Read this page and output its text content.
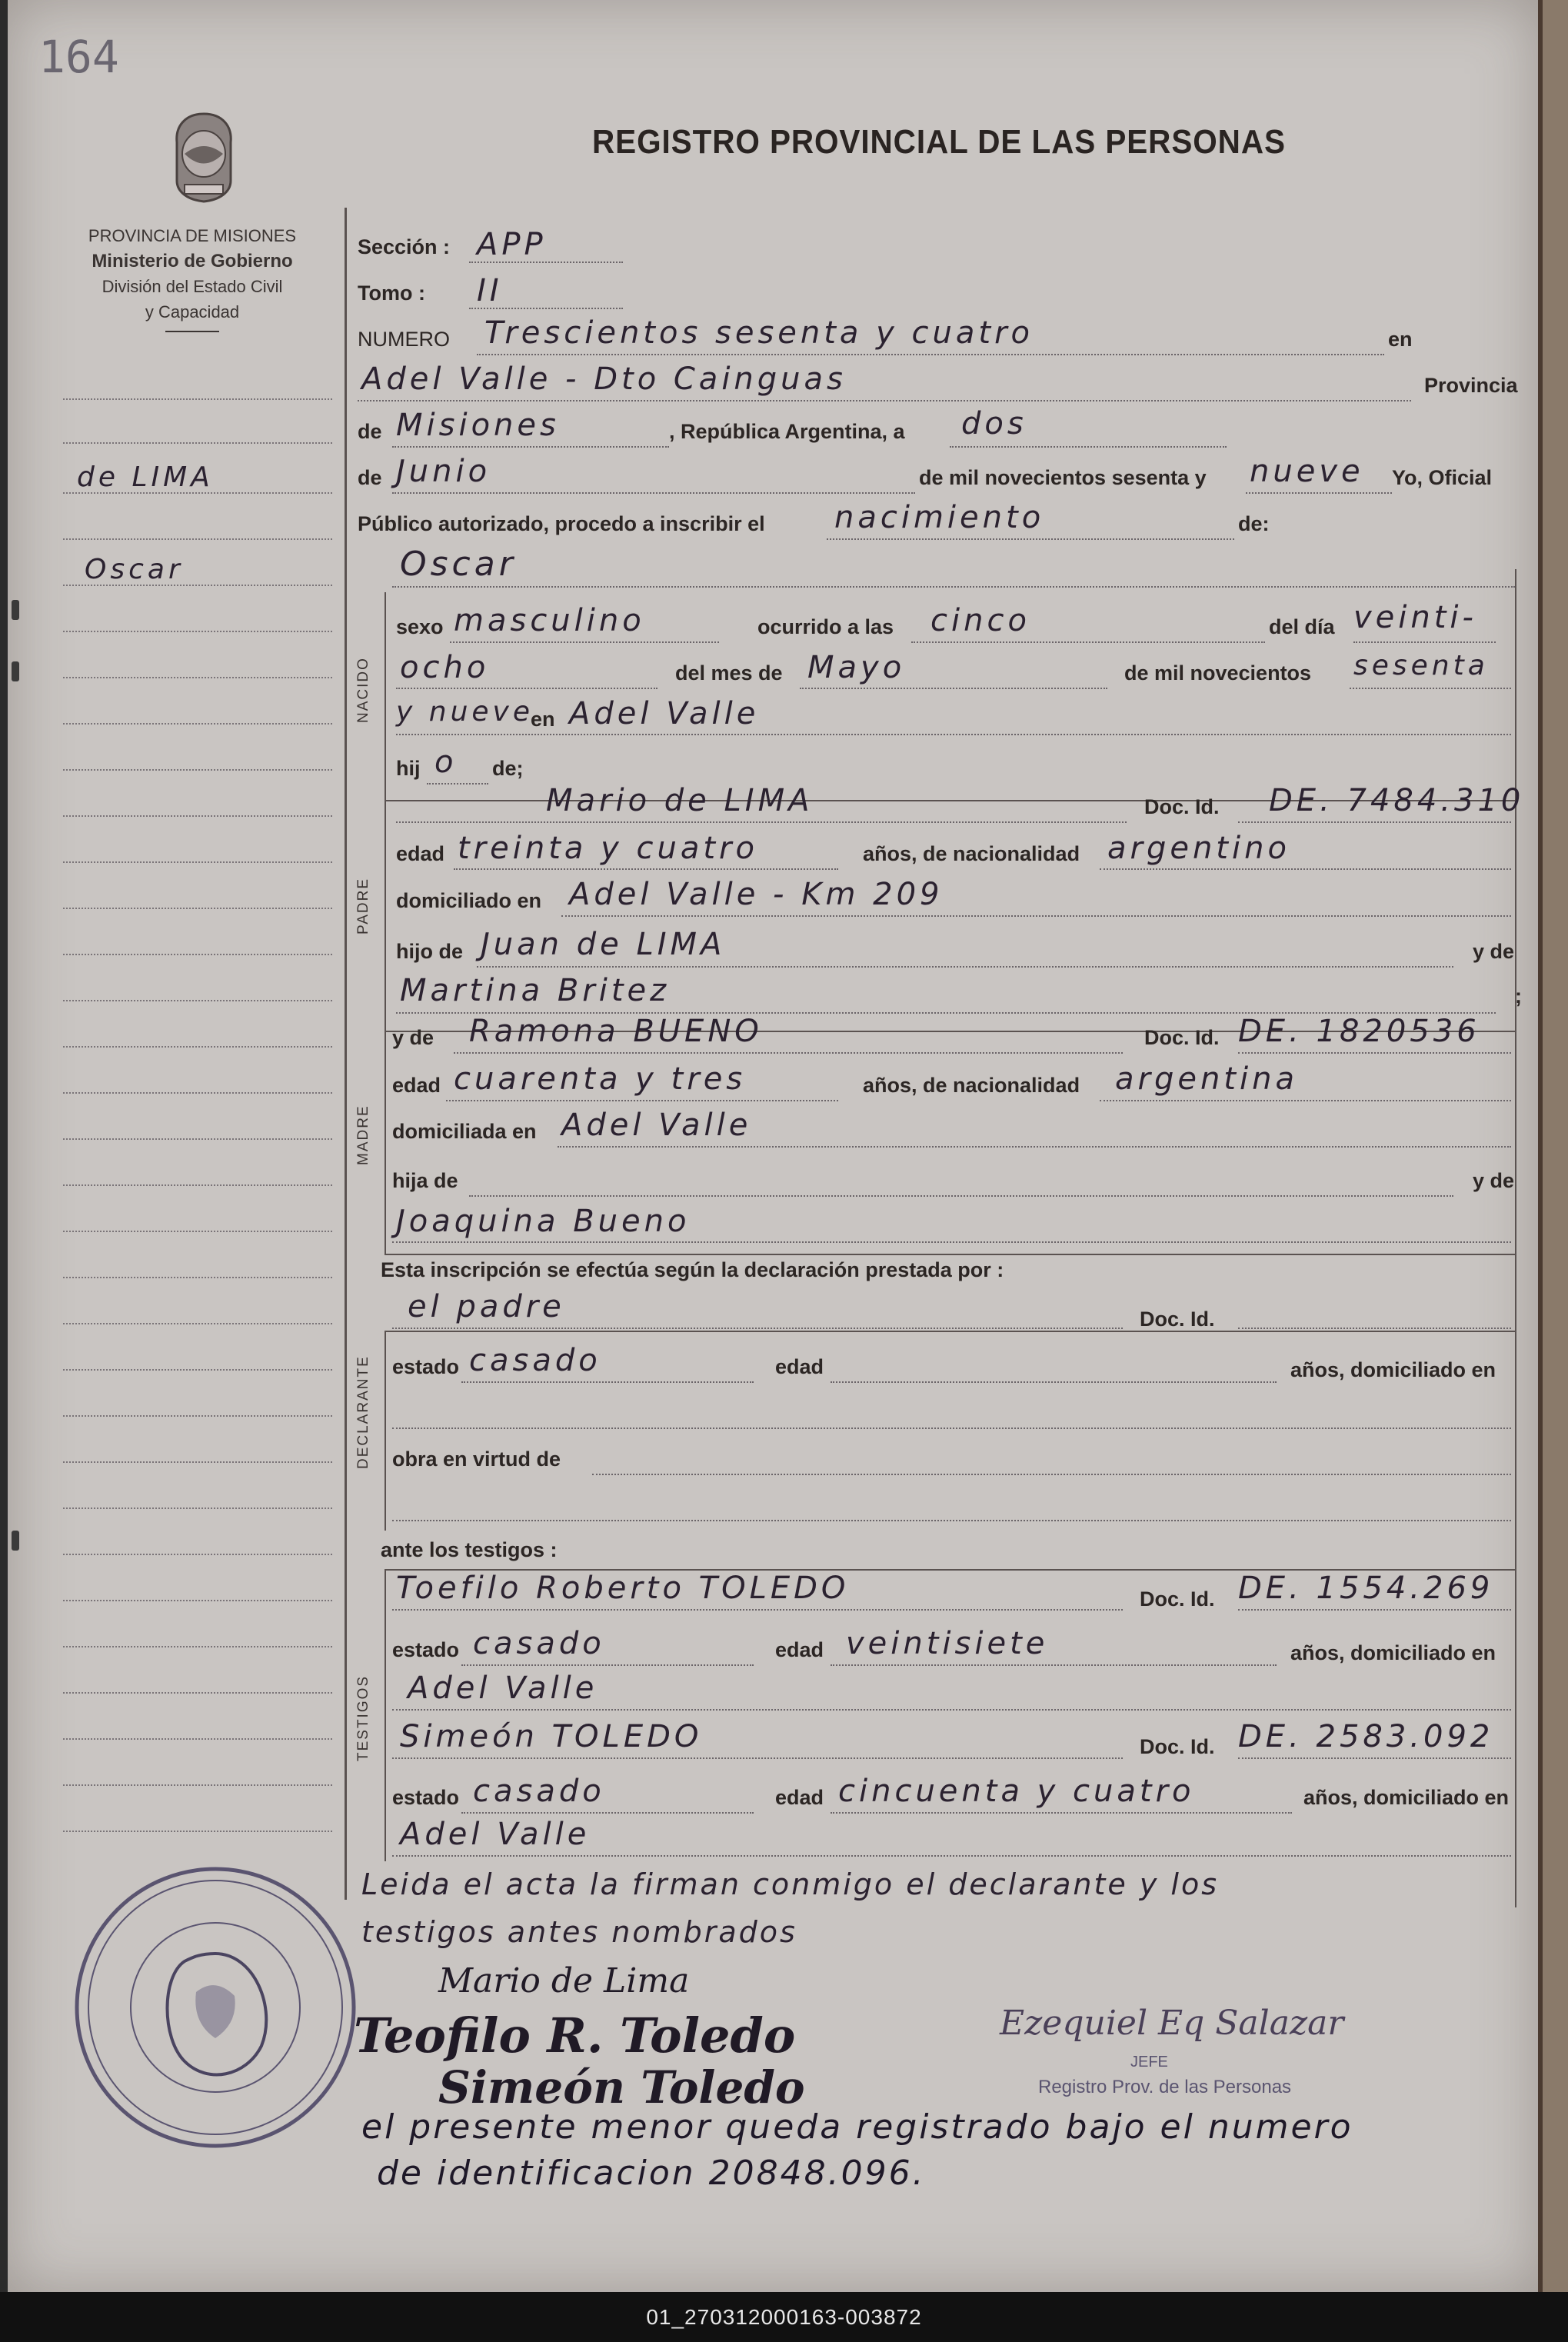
164
REGISTRO PROVINCIAL DE LAS PERSONAS
PROVINCIA DE MISIONES
Ministerio de Gobierno
División del Estado Civil
y Capacidad
de LIMA
Oscar
Sección : APP
Tomo : II
NUMERO Trescientos sesenta y cuatro	en
Adel Valle - Dto Cainguas	Provincia
de Misiones	, República Argentina, a dos
de Junio	de mil novecientos sesenta y nueve Yo, Oficial
Público autorizado, procedo a inscribir el nacimiento	de:
Oscar
NACIDO
sexo masculino	ocurrido a las cinco	del día veinti-
ocho	del mes de Mayo	de mil novecientos sesenta
y nueve
en Adel Valle
hij o de;
PADRE
Mario de LIMA	Doc. Id. DE. 7484.310
edad treinta y cuatro	años, de nacionalidad argentino
domiciliado en Adel Valle - Km 209
hijo de Juan de LIMA	y de
Martina Britez	;
MADRE
y de Ramona BUENO	Doc. Id. DE. 1820536
edad cuarenta y tres	años, de nacionalidad argentina
domiciliada en Adel Valle
hija de	y de
Joaquina Bueno
Esta inscripción se efectúa según la declaración prestada por :
DECLARANTE
el padre	Doc. Id.
estado casado	edad	años, domiciliado en
obra en virtud de
ante los testigos :
TESTIGOS
Toefilo Roberto TOLEDO	Doc. Id. DE. 1554.269
estado casado	edad veintisiete	años, domiciliado en
Adel Valle
Simeón TOLEDO	Doc. Id. DE. 2583.092
estado casado	edad cincuenta y cuatro	años, domiciliado en
Adel Valle
Leida el acta la firman conmigo el declarante y los
testigos antes nombrados
Mario de Lima
Teofilo R. Toledo
Simeón Toledo
Ezequiel Eq Salazar
JEFE
Registro Prov. de las Personas
el presente menor queda registrado bajo el numero
de identificacion 20848.096.
01_270312000163-003872
